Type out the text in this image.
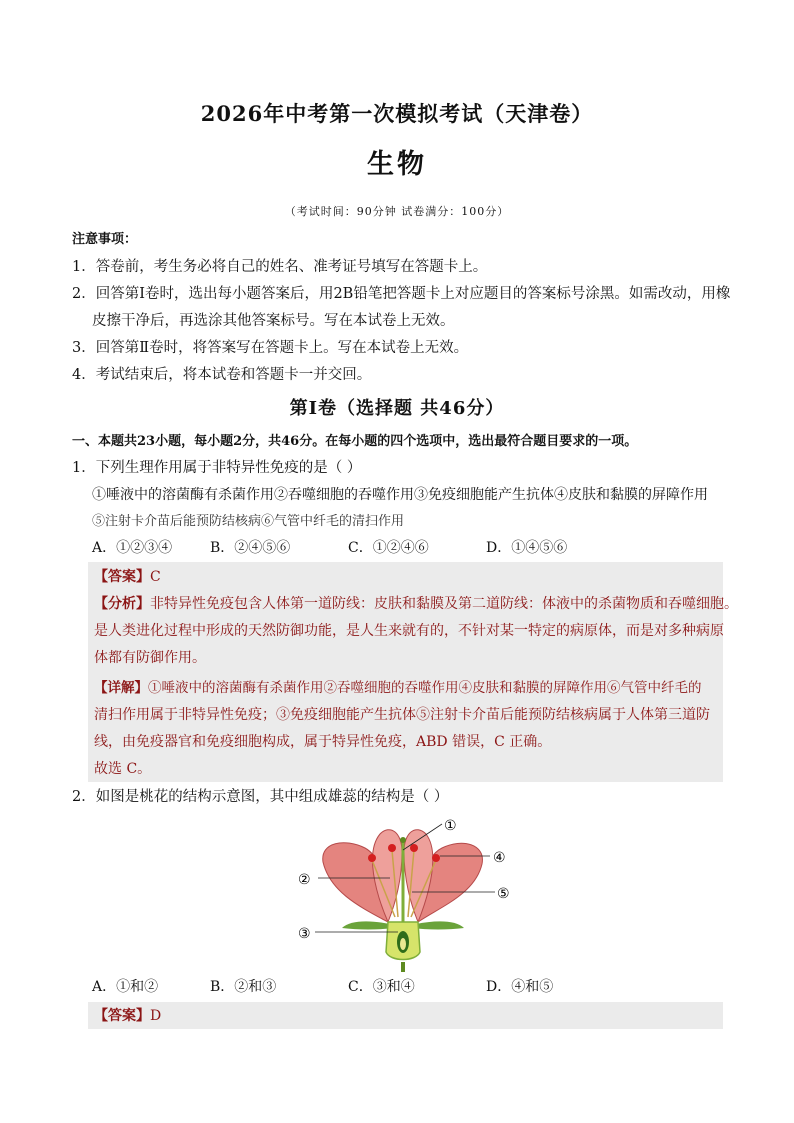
2026年中考第一次模拟考试（天津卷）
生物
（考试时间：90分钟 试卷满分：100分）
注意事项：
1．答卷前，考生务必将自己的姓名、准考证号填写在答题卡上。
2．回答第Ⅰ卷时，选出每小题答案后，用2B铅笔把答题卡上对应题目的答案标号涂黑。如需改动，用橡
皮擦干净后，再选涂其他答案标号。写在本试卷上无效。
3．回答第Ⅱ卷时，将答案写在答题卡上。写在本试卷上无效。
4．考试结束后，将本试卷和答题卡一并交回。
第Ⅰ卷（选择题 共46分）
一、本题共23小题，每小题2分，共46分。在每小题的四个选项中，选出最符合题目要求的一项。
1．下列生理作用属于非特异性免疫的是（ ）
①唾液中的溶菌酶有杀菌作用②吞噬细胞的吞噬作用③免疫细胞能产生抗体④皮肤和黏膜的屏障作用
⑤注射卡介苗后能预防结核病⑥气管中纤毛的清扫作用
A．①②③④	B．②④⑤⑥	C．①②④⑥	D．①④⑤⑥
【答案】C
【分析】非特异性免疫包含人体第一道防线：皮肤和黏膜及第二道防线：体液中的杀菌物质和吞噬细胞。
是人类进化过程中形成的天然防御功能，是人生来就有的，不针对某一特定的病原体，而是对多种病原
体都有防御作用。
【详解】①唾液中的溶菌酶有杀菌作用②吞噬细胞的吞噬作用④皮肤和黏膜的屏障作用⑥气管中纤毛的
清扫作用属于非特异性免疫；③免疫细胞能产生抗体⑤注射卡介苗后能预防结核病属于人体第三道防
线，由免疫器官和免疫细胞构成，属于特异性免疫，ABD 错误，C 正确。
故选 C。
2．如图是桃花的结构示意图，其中组成雄蕊的结构是（ ）
①
②
③
④
⑤
A．①和②	B．②和③	C．③和④	D．④和⑤
【答案】D
